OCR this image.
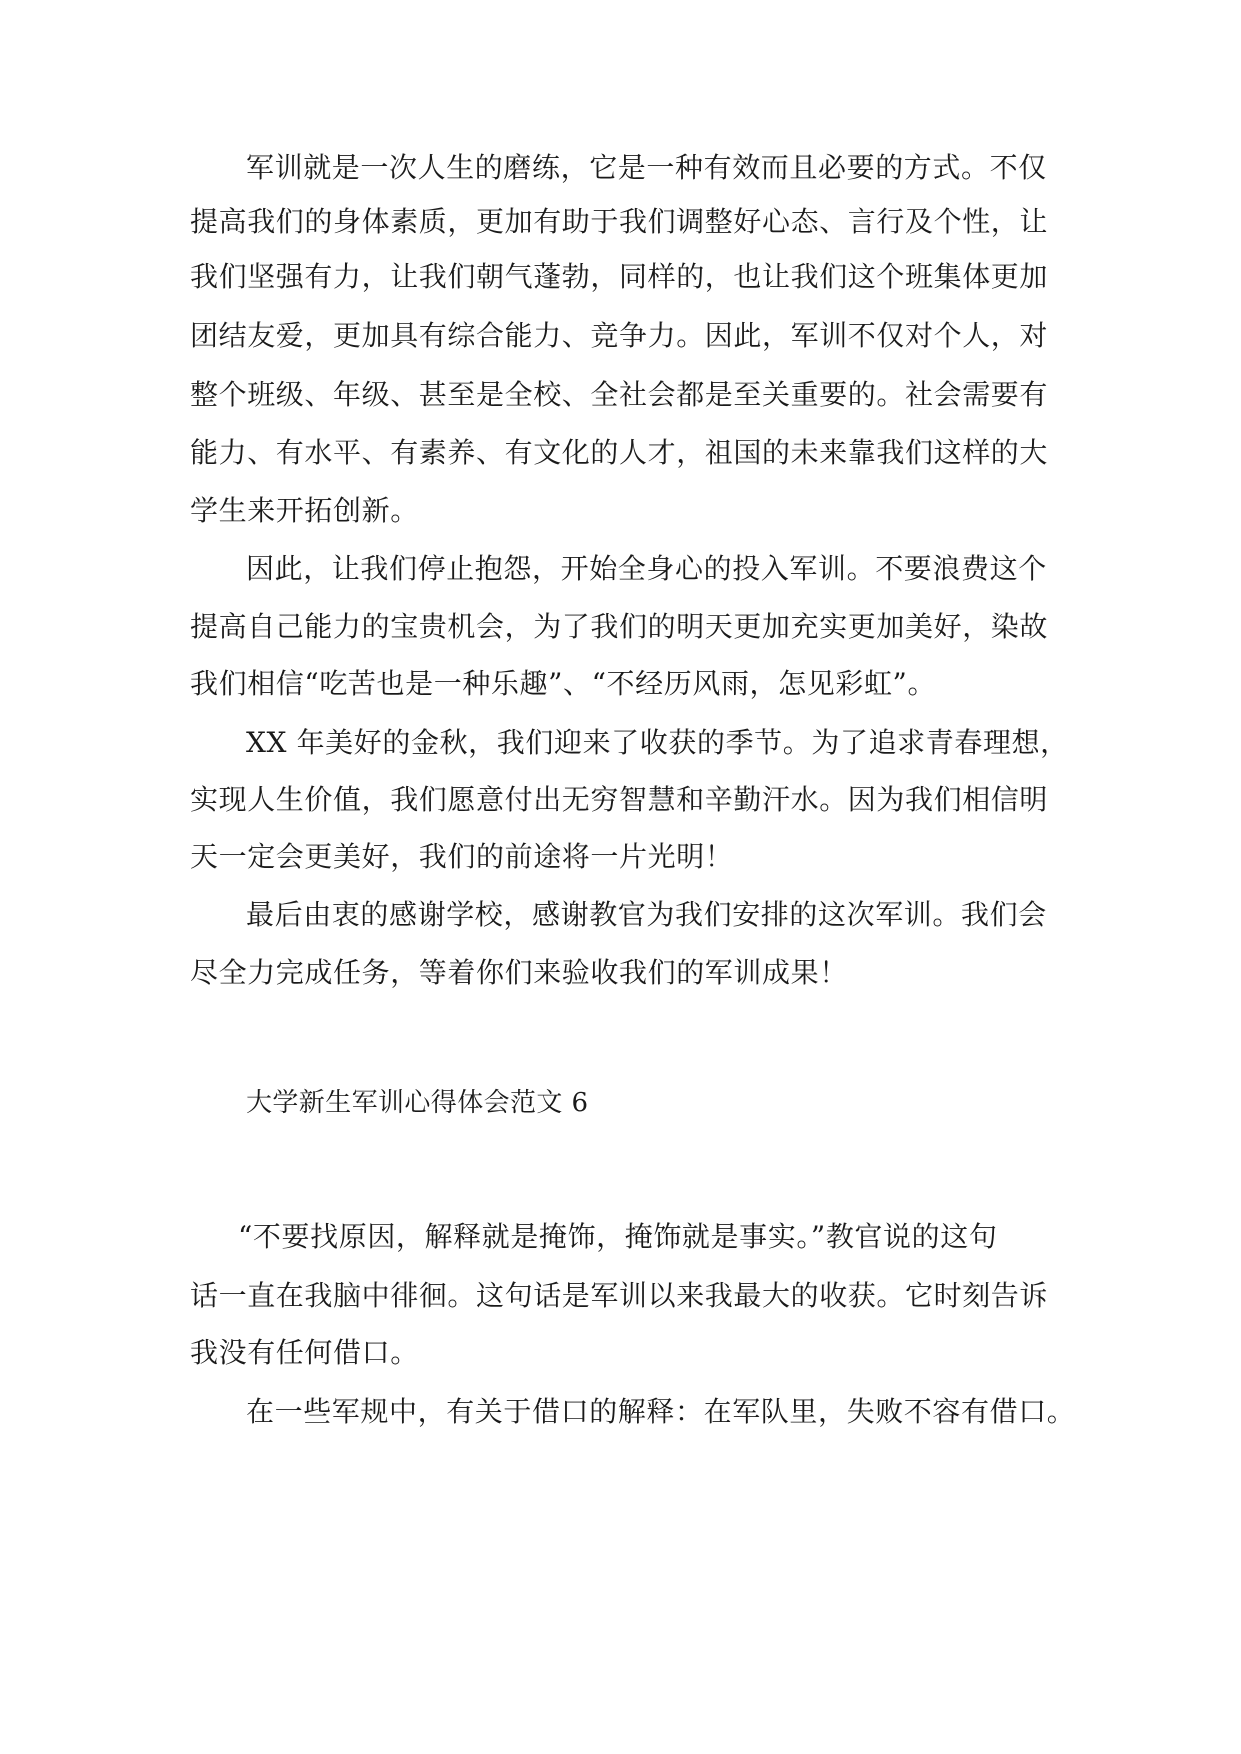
军训就是一次人生的磨练，它是一种有效而且必要的方式。不仅

提高我们的身体素质，更加有助于我们调整好心态、言行及个性，让

我们坚强有力，让我们朝气蓬勃，同样的，也让我们这个班集体更加

团结友爱，更加具有综合能力、竞争力。因此，军训不仅对个人，对

整个班级、年级、甚至是全校、全社会都是至关重要的。社会需要有

能力、有水平、有素养、有文化的人才，祖国的未来靠我们这样的大

学生来开拓创新。

因此，让我们停止抱怨，开始全身心的投入军训。不要浪费这个

提高自己能力的宝贵机会，为了我们的明天更加充实更加美好，染故

我们相信“吃苦也是一种乐趣”、“不经历风雨，怎见彩虹”。

XX 年美好的金秋，我们迎来了收获的季节。为了追求青春理想，

实现人生价值，我们愿意付出无穷智慧和辛勤汗水。因为我们相信明

天一定会更美好，我们的前途将一片光明！

最后由衷的感谢学校，感谢教官为我们安排的这次军训。我们会

尽全力完成任务，等着你们来验收我们的军训成果！

大学新生军训心得体会范文 6

“不要找原因，解释就是掩饰，掩饰就是事实。”教官说的这句

话一直在我脑中徘徊。这句话是军训以来我最大的收获。它时刻告诉

我没有任何借口。

在一些军规中，有关于借口的解释：在军队里，失败不容有借口。
